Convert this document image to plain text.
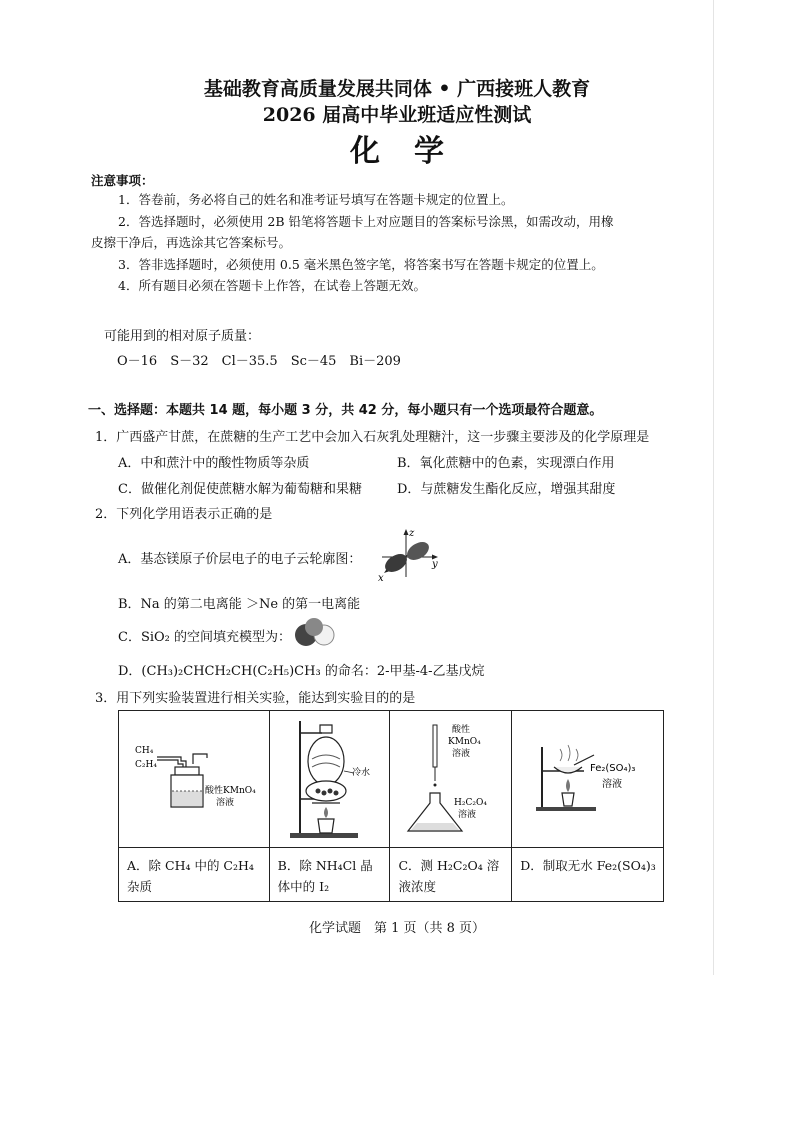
基础教育高质量发展共同体 • 广西接班人教育
2026 届高中毕业班适应性测试
化学
注意事项：
1．答卷前，务必将自己的姓名和准考证号填写在答题卡规定的位置上。
2．答选择题时，必须使用 2B 铅笔将答题卡上对应题目的答案标号涂黑，如需改动，用橡
皮擦干净后，再选涂其它答案标号。
3．答非选择题时，必须使用 0.5 毫米黑色签字笔，将答案书写在答题卡规定的位置上。
4．所有题目必须在答题卡上作答，在试卷上答题无效。
可能用到的相对原子质量：
O－16　S－32　Cl－35.5　Sc－45　Bi－209
一、选择题：本题共 14 题，每小题 3 分，共 42 分，每小题只有一个选项最符合题意。
1．广西盛产甘蔗，在蔗糖的生产工艺中会加入石灰乳处理糖汁，这一步骤主要涉及的化学原理是
A．中和蔗汁中的酸性物质等杂质	B．氧化蔗糖中的色素，实现漂白作用
C．做催化剂促使蔗糖水解为葡萄糖和果糖	D．与蔗糖发生酯化反应，增强其甜度
2．下列化学用语表示正确的是
A．基态镁原子价层电子的电子云轮廓图：
z
y
x
B．Na 的第二电离能 ＞Ne 的第一电离能
C．SiO₂ 的空间填充模型为：
D．(CH₃)₂CHCH₂CH(C₂H₅)CH₃ 的命名：2-甲基-4-乙基戊烷
3．用下列实验装置进行相关实验，能达到实验目的的是
CH₄
C₂H₄
酸性KMnO₄
溶液	冷水	酸性
KMnO₄
溶液
H₂C₂O₄
溶液	Fe₂(SO₄)₃
溶液

A．除 CH₄ 中的 C₂H₄ 杂质	B．除 NH₄Cl 晶体中的 I₂	C．测 H₂C₂O₄ 溶液浓度	D．制取无水 Fe₂(SO₄)₃
化学试题　第 1 页（共 8 页）
